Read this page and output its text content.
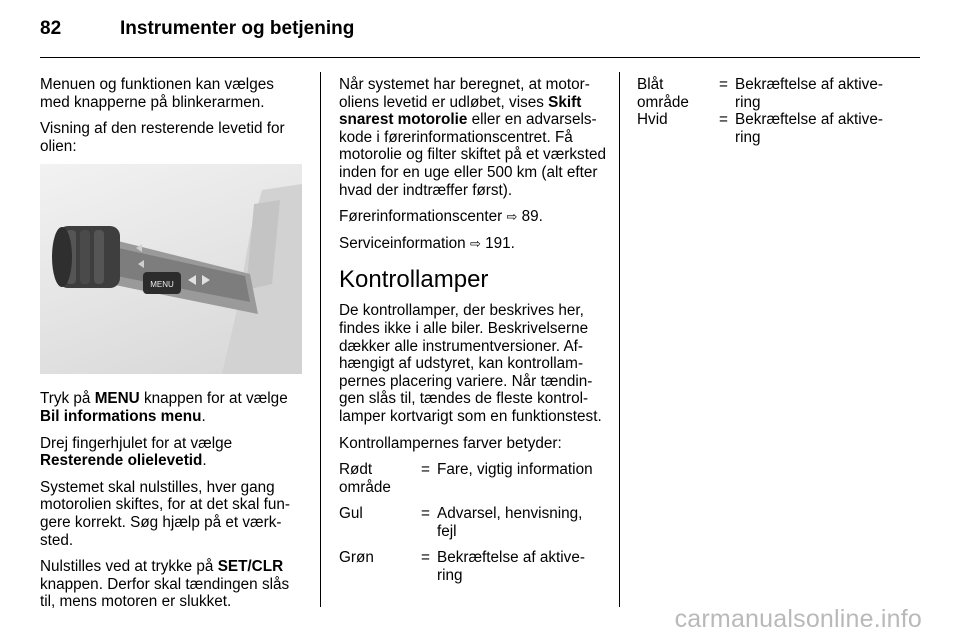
82	Instrumenter og betjening

Menuen og funktionen kan vælges med knapperne på blinkerarmen.

Visning af den resterende levetid for olien:

MENU

Tryk på MENU knappen for at vælge
Bil informations menu.

Drej fingerhjulet for at vælge
Resterende olielevetid.

Systemet skal nulstilles, hver gang motorolien skiftes, for at det skal fungere korrekt. Søg hjælp på et værksted.

Nulstilles ved at trykke på SET/CLR knappen. Derfor skal tændingen slås til, mens motoren er slukket.

Når systemet har beregnet, at motoroliens levetid er udløbet, vises Skift snarest motorolie eller en advarselskode i førerinformationscentret. Få motorolie og filter skiftet på et værksted inden for en uge eller 500 km (alt efter hvad der indtræffer først).

Førerinformationscenter ⇨ 89.

Serviceinformation ⇨ 191.

Kontrollamper

De kontrollamper, der beskrives her, findes ikke i alle biler. Beskrivelserne dækker alle instrumentversioner. Afhængigt af udstyret, kan kontrollampernes placering variere. Når tændingen slås til, tændes de fleste kontrollamper kortvarigt som en funktionstest.

Kontrollampernes farver betyder:

Rødt område	=	Fare, vigtig information

Gul	=	Advarsel, henvisning, fejl

Grøn	=	Bekræftelse af aktivering
Blåt område	=	Bekræftelse af aktivering
Hvid	=	Bekræftelse af aktivering
carmanualsonline.info
